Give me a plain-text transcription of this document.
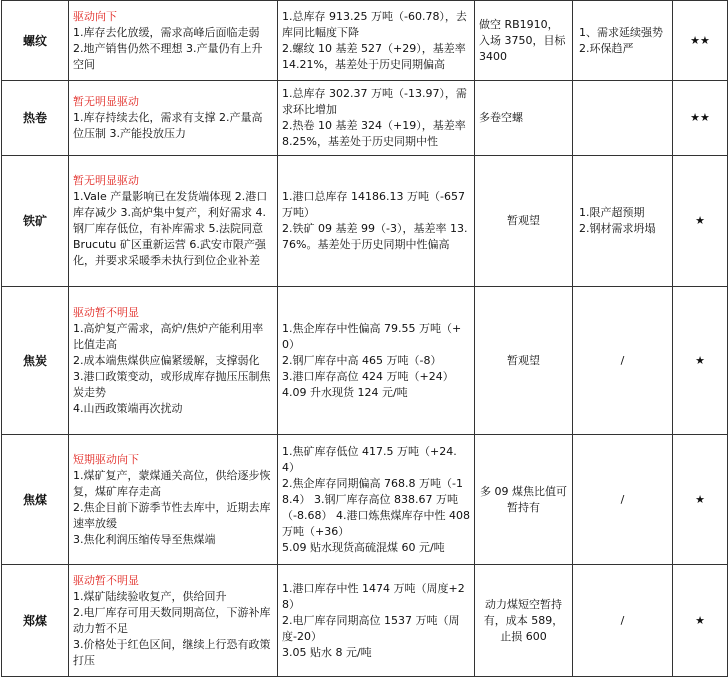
螺纹	驱动向下
1.库存去化放缓，需求高峰后面临走弱 2.地产销售仍然不理想 3.产量仍有上升空间	1.总库存 913.25 万吨（-60.78），去库同比幅度下降
2.螺纹 10 基差 527（+29），基差率 14.21%，基差处于历史同期偏高	做空 RB1910，入场 3750，目标 3400	1、需求延续强势
2.环保趋严	★★
热卷	暂无明显驱动
1.库存持续去化，需求有支撑 2.产量高位压制 3.产能投放压力	1.总库存 302.37 万吨（-13.97），需求环比增加
2.热卷 10 基差 324（+19），基差率 8.25%，基差处于历史同期中性	多卷空螺		★★
铁矿	暂无明显驱动
1.Vale 产量影响已在发货端体现 2.港口库存减少 3.高炉集中复产，利好需求 4.钢厂库存低位，有补库需求 5.法院同意 Brucutu 矿区重新运营 6.武安市限产强化，并要求采暖季未执行到位企业补差	1.港口总库存 14186.13 万吨（-657 万吨）
2.铁矿 09 基差 99（-3），基差率 13.76%。基差处于历史同期中性偏高	暂观望	1.限产超预期
2.钢材需求坍塌	★
焦炭	驱动暂不明显
1.高炉复产需求，高炉/焦炉产能利用率比值走高
2.成本端焦煤供应偏紧缓解，支撑弱化
3.港口政策变动，或形成库存抛压压制焦炭走势
4.山西政策端再次扰动	1.焦企库存中性偏高 79.55 万吨（+0）
2.钢厂库存中高 465 万吨（-8）
3.港口库存高位 424 万吨（+24）
4.09 升水现货 124 元/吨	暂观望	/	★
焦煤	短期驱动向下
1.煤矿复产，蒙煤通关高位，供给逐步恢复，煤矿库存走高
2.焦企目前下游季节性去库中，近期去库速率放缓
3.焦化利润压缩传导至焦煤端	1.焦矿库存低位 417.5 万吨（+24.4）
2.焦企库存同期偏高 768.8 万吨（-18.4） 3.钢厂库存高位 838.67 万吨（-8.68） 4.港口炼焦煤库存中性 408 万吨（+36）
5.09 贴水现货高硫混煤 60 元/吨	多 09 煤焦比值可暂持有	/	★
郑煤	驱动暂不明显
1.煤矿陆续验收复产，供给回升
2.电厂库存可用天数同期高位，下游补库动力暂不足
3.价格处于红色区间，继续上行恐有政策打压	1.港口库存中性 1474 万吨（周度+28）
2.电厂库存同期高位 1537 万吨（周度-20）
3.05 贴水 8 元/吨	动力煤短空暂持有，成本 589，止损 600	/	★
